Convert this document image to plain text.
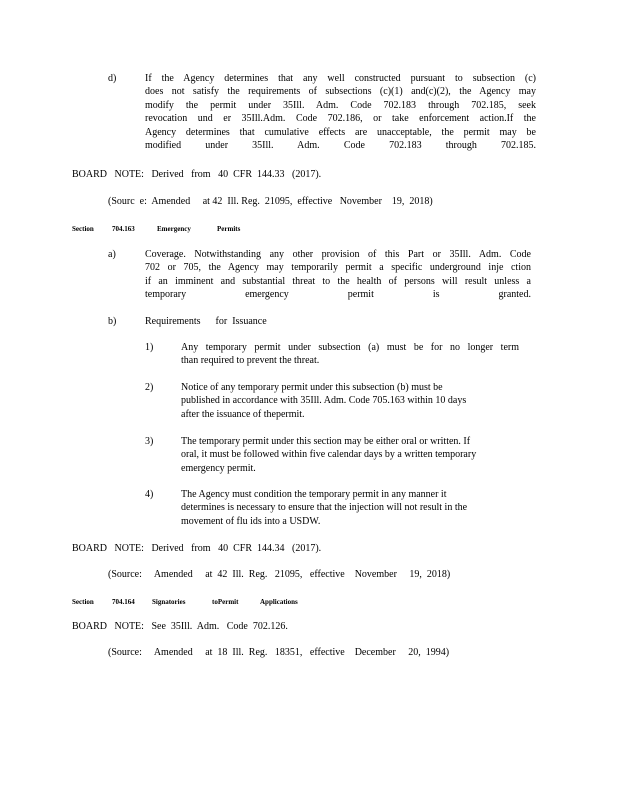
d)	If the Agency determines that any well constructed pursuant to subsection (c)
does not satisfy the requirements of subsections (c)(1) and(c)(2), the Agency may
modify the permit under 35Ill. Adm. Code 702.183 through 702.185, seek
revocation und er 35Ill.Adm. Code 702.186, or take enforcement action.If the
Agency determines that cumulative effects are unacceptable, the permit may be
modified under 35Ill. Adm. Code 702.183 through 702.185.
BOARD   NOTE:   Derived   from   40  CFR  144.33   (2017).
(Sourc  e:  Amended     at 42  Ill. Reg.  21095,  effective   November    19,  2018)
Section	704.163	Emergency	Permits
a)	Coverage. Notwithstanding any other provision of this Part or 35Ill. Adm. Code
702 or 705, the Agency may temporarily permit a specific underground inje ction
if an imminent and substantial threat to the health of persons will result unless a
temporary emergency permit is granted.
b)	Requirements      for  Issuance
1)	Any temporary permit under subsection (a) must be for no longer term
than required to prevent the threat.
2)	Notice of any temporary permit under this subsection (b) must be
published in accordance with 35Ill. Adm. Code 705.163 within 10 days
after the issuance of thepermit.
3)	The temporary permit under this section may be either oral or written. If
oral, it must be followed within five calendar days by a written temporary
emergency permit.
4)	The Agency must condition the temporary permit in any manner it
determines is necessary to ensure that the injection will not result in the
movement of flu ids into a USDW.
BOARD   NOTE:   Derived   from   40  CFR  144.34   (2017).
(Source:     Amended     at  42  Ill.  Reg.   21095,   effective    November     19,  2018)
Section	704.164 Signatories	toPermit	Applications
BOARD   NOTE:   See  35Ill.  Adm.   Code  702.126.
(Source:     Amended     at  18  Ill.  Reg.   18351,   effective    December     20,  1994)
